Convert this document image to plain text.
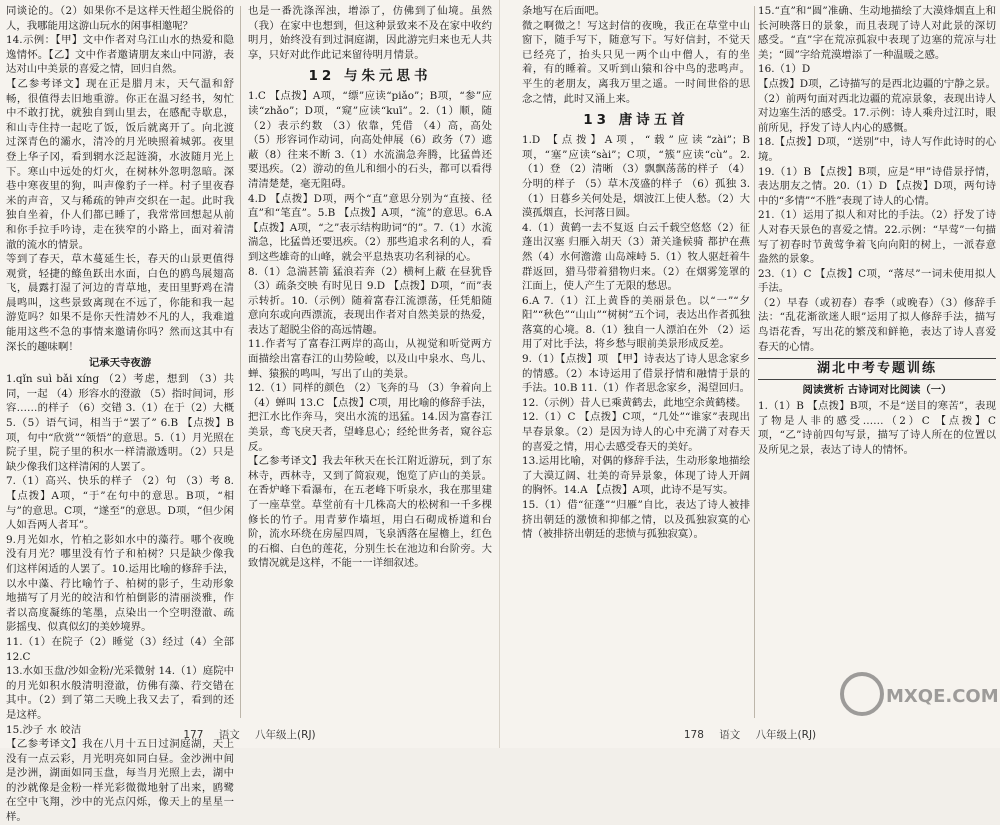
同谈论的。（2）如果你不是这样天性超尘脱俗的人，我哪能用这游山玩水的闲事相邀呢？

14.示例：【甲】文中作者对乌江山水的热爱和隐逸情怀。【乙】文中作者邀请朋友来山中同游，表达对山中美景的喜爱之情，回归自然。

【乙参考译文】现在正是腊月末，天气温和舒畅，很值得去旧地重游。你正在温习经书，匆忙中不敢打扰，就独自到山里去，在感配寺歇息，和山寺住持一起吃了饭，饭后就离开了。向北渡过深青色的灞水，清冷的月光映照着城郭。夜里登上华子冈，看到辋水泛起涟漪，水波随月光上下。寒山中远处的灯火，在树林外忽明忽暗。深巷中寒夜里的狗，叫声像豹子一样。村子里夜舂米的声音，又与稀疏的钟声交织在一起。此时我独自坐着，仆人们都已睡了，我常常回想起从前和你手拉手吟诗，走在狭窄的小路上，面对着清澈的流水的情景。

等到了春天，草木蔓延生长，春天的山景更值得观赏，轻捷的鲦鱼跃出水面，白色的鸥鸟展翅高飞，晨露打湿了河边的青草地，麦田里野鸡在清晨鸣叫，这些景致离现在不远了，你能和我一起游览吗？如果不是你天性清妙不凡的人，我难道能用这些不急的事情来邀请你吗？然而这其中有深长的趣味啊！

记承天寺夜游

1.qǐn suì bǎi xíng （2）考虑，想到 （3）共同，一起 （4）形容水的澄澈 （5）指时间词，形容……的样子 （6）交错 3.（1）在于（2）大概 5.（5）语气词，相当于“罢了” 6.B 【点拨】B项，句中“欣赏”“领悟”的意思。5.（1）月光照在院子里，院子里的积水一样清澈透明。（2）只是缺少像我们这样清闲的人罢了。

7.（1）高兴、快乐的样子 （2）句 （3）考 8.【点拨】A项，“于”在句中的意思。B项，“相与”的意思。C项，“遂至”的意思。D项，“但少闲人如吾两人者耳”。

9.月光如水，竹柏之影如水中的藻荇。哪个夜晚没有月光？哪里没有竹子和柏树？只是缺少像我们这样闲适的人罢了。10.运用比喻的修辞手法，以水中藻、荇比喻竹子、柏树的影子，生动形象地描写了月光的皎洁和竹柏倒影的清丽淡雅，作者以高度凝练的笔墨，点染出一个空明澄澈、疏影摇曳、似真似幻的美妙境界。

11.（1）在院子（2）睡觉（3）经过（4）全部 12.C

13.水如玉盘/沙如金粉/光采微射 14.（1）庭院中的月光如积水般清明澄澈，仿佛有藻、荇交错在其中。（2）到了第二天晚上我又去了，看到的还是这样。

15.沙子 水 皎洁

【乙参考译文】我在八月十五日过洞庭湖，天上没有一点云彩，月光明亮如同白昼。金沙洲中间是沙洲，湖面如同玉盘，每当月光照上去，湖中的沙就像是金粉一样光彩微微地射了出来，鸥鹭在空中飞翔，沙中的光点闪烁，像天上的星星一样。

也是一番洗涤浑浊，增添了，仿佛到了仙境。虽然（我）在家中也想到，但这种景致来不及在家中收约明月，始终没有到过洞庭湖，因此游完归来也无人共享，只好对此作此记来留待明月情景。

12 与朱元思书

1.C 【点拨】A项，“缥”应读“piǎo”；B项，“参”应读“zhǎo”；D项，“窥”应读“kuī”。2.（1）顺，随（2）表示约数 （3）依靠，凭借 （4）高，高处（5）形容词作动词，向高处伸展（6）政务（7）遮蔽（8）往来不断 3.（1）水流湍急奔腾，比猛兽还要迅疾。（2）游动的鱼儿和细小的石头，都可以看得清清楚楚，毫无阻碍。

4.D 【点拨】D项，两个“直”意思分别为“直接、径直”和“笔直”。5.B 【点拨】A项，“流”的意思。6.A 【点拨】A项，“之”表示结构助词“的”。7.（1）水流湍急，比猛兽还要迅疾。（2）那些追求名利的人，看到这些雄奇的山峰，就会平息热衷功名利禄的心。

8.（1）急湍甚箭 猛浪若奔（2）横柯上蔽 在昼犹昏（3）疏条交映 有时见日 9.D 【点拨】D项，“而”表示转折。10.（示例）随着富春江流漂荡，任凭船随意向东或向西漂流，表现出作者对自然美景的热爱，表达了超脱尘俗的高远情趣。

11.作者写了富春江两岸的高山，从视觉和听觉两方面描绘出富春江的山势险峻，以及山中泉水、鸟儿、蝉、猿猴的鸣叫，写出了山的美景。

12.（1）同样的颜色 （2）飞奔的马 （3）争着向上 （4）蝉叫 13.C 【点拨】C项，用比喻的修辞手法，把江水比作奔马，突出水流的迅猛。14.因为富春江美景，鸢飞戾天者，望峰息心；经纶世务者，窥谷忘反。

【乙参考译文】我去年秋天在长江附近游玩，到了东林寺，西林寺，又到了简寂观，饱览了庐山的美景。在香炉峰下看瀑布，在五老峰下听泉水，我在那里建了一座草堂。草堂前有十几株高大的松树和一千多棵修长的竹子。用青萝作墙垣，用白石砌成桥道和台阶，流水环绕在房屋四周，飞泉洒落在屋檐上，红色的石榴、白色的莲花，分别生长在池边和台阶旁。大致情况就是这样，不能一一详细叙述。

177 语文 八年级上(RJ)

条地写在后面吧。

微之啊微之！写这封信的夜晚，我正在草堂中山窗下，随手写下，随意写下。写好信封，不觉天已经亮了，抬头只见一两个山中僧人，有的坐着，有的睡着。又听到山猿和谷中鸟的悲鸣声。平生的老朋友，离我万里之遥。一时间世俗的思念之情，此时又涌上来。

13 唐诗五首

1.D 【点拨】A项，“载”应读“zài”；B项，“塞”应读“sài”；C项，“簇”应读“cù”。2.（1）登 （2）清晰 （3）飘飘荡荡的样子 （4）分明的样子 （5）草木茂盛的样子 （6）孤独 3.（1）日暮乡关何处是，烟波江上使人愁。（2）大漠孤烟直，长河落日圆。

4.（1）黄鹤一去不复返 白云千载空悠悠（2）征蓬出汉塞 归雁入胡天（3）萧关逢候骑 都护在燕然（4）水何澹澹 山岛竦峙 5.（1）牧人驱赶着牛群返回，猎马带着猎物归来。（2）在烟雾笼罩的江面上，使人产生了无限的愁思。

6.A 7.（1）江上黄昏的美丽景色。以“一”“夕阳”“秋色”“山山”“树树”五个词，表达出作者孤独落寞的心境。8.（1）独自一人漂泊在外 （2）运用了对比手法，将乡愁与眼前美景形成反差。

9.（1）【点拨】项 【甲】诗表达了诗人思念家乡的情感。（2）本诗运用了借景抒情和融情于景的手法。10.B 11.（1）作者思念家乡，渴望回归。12.（示例）昔人已乘黄鹤去，此地空余黄鹤楼。

12.（1）C 【点拨】C项，“几处”“谁家”表现出早春景象。（2）是因为诗人的心中充满了对春天的喜爱之情，用心去感受春天的美好。

13.运用比喻，对偶的修辞手法，生动形象地描绘了大漠辽阔、壮美的奇异景象，体现了诗人开阔的胸怀。14.A 【点拨】A项，此诗不是写实。

15.（1）借“征蓬”“归雁”自比，表达了诗人被排挤出朝廷的激愤和抑郁之情，以及孤独寂寞的心情（被排挤出朝廷的悲愤与孤独寂寞）。

15.“直”和“圆”准确、生动地描绘了大漠烽烟直上和长河映落日的景象，而且表现了诗人对此景的深切感受。“直”字在荒凉孤寂中表现了边塞的荒凉与壮美；“圆”字给荒漠增添了一种温暖之感。

16.（1）D

【点拨】D项，乙诗描写的是西北边疆的宁静之景。（2）前两句面对西北边疆的荒凉景象，表现出诗人对边塞生活的感受。17.示例：诗人乘舟过江时，眼前所见，抒发了诗人内心的感慨。

18.【点拨】D项，“送别”中，诗人写作此诗时的心境。

19.（1）B 【点拨】B项，应是“甲”诗借景抒情，表达朋友之情。20.（1）D 【点拨】D项，两句诗中的“多情”“不胜”表现了诗人的心情。

21.（1）运用了拟人和对比的手法。（2）抒发了诗人对春天景色的喜爱之情。22.示例：“早莺”一句描写了初春时节黄莺争着飞向向阳的树上，一派春意盎然的景象。

23.（1）C 【点拨】C项，“落尽”一词未使用拟人手法。

（2）早春（或初春）春季（或晚春）（3）修辞手法：“乱花渐欲迷人眼”运用了拟人修辞手法，描写鸟语花香，写出花的繁茂和鲜艳，表达了诗人喜爱春天的心情。

湖北中考专题训练
阅读赏析 古诗词对比阅读（一）

1.（1）B 【点拨】B项，不是“送目的寒苦”，表现了物是人非的感受……（2）C 【点拨】C项，“乙”诗前四句写景，描写了诗人所在的位置以及所见之景，表达了诗人的情怀。

MXQE.COM
178 语文 八年级上(RJ)
